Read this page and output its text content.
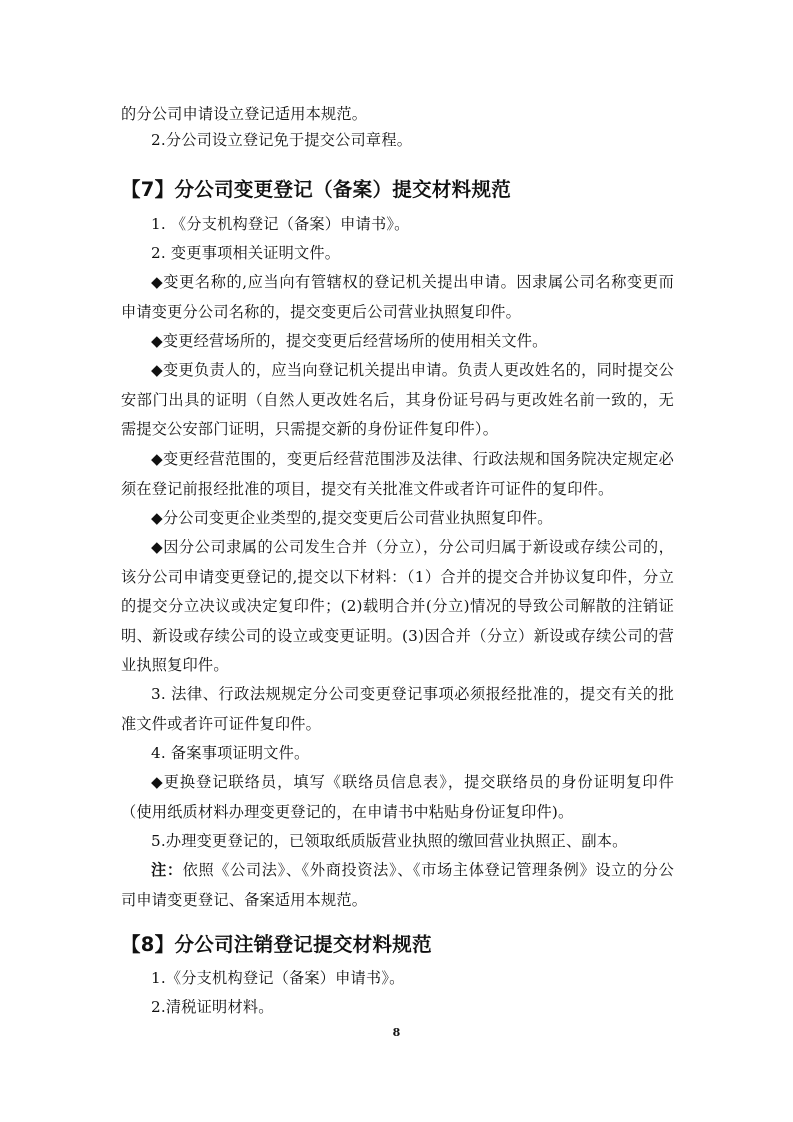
的分公司申请设立登记适用本规范。

2.分公司设立登记免于提交公司章程。

【7】分公司变更登记（备案）提交材料规范

1. 《分支机构登记（备案）申请书》。

2. 变更事项相关证明文件。

◆变更名称的,应当向有管辖权的登记机关提出申请。因隶属公司名称变更而申请变更分公司名称的，提交变更后公司营业执照复印件。

◆变更经营场所的，提交变更后经营场所的使用相关文件。

◆变更负责人的，应当向登记机关提出申请。负责人更改姓名的，同时提交公安部门出具的证明（自然人更改姓名后，其身份证号码与更改姓名前一致的，无需提交公安部门证明，只需提交新的身份证件复印件）。

◆变更经营范围的，变更后经营范围涉及法律、行政法规和国务院决定规定必须在登记前报经批准的项目，提交有关批准文件或者许可证件的复印件。

◆分公司变更企业类型的,提交变更后公司营业执照复印件。

◆因分公司隶属的公司发生合并（分立），分公司归属于新设或存续公司的，该分公司申请变更登记的,提交以下材料：（1）合并的提交合并协议复印件，分立的提交分立决议或决定复印件；(2)载明合并(分立)情况的导致公司解散的注销证明、新设或存续公司的设立或变更证明。(3)因合并（分立）新设或存续公司的营业执照复印件。

3. 法律、行政法规规定分公司变更登记事项必须报经批准的，提交有关的批准文件或者许可证件复印件。

4. 备案事项证明文件。

◆更换登记联络员，填写《联络员信息表》，提交联络员的身份证明复印件（使用纸质材料办理变更登记的，在申请书中粘贴身份证复印件)。

5.办理变更登记的，已领取纸质版营业执照的缴回营业执照正、副本。

注：依照《公司法》、《外商投资法》、《市场主体登记管理条例》设立的分公司申请变更登记、备案适用本规范。

【8】分公司注销登记提交材料规范

1.《分支机构登记（备案）申请书》。

2.清税证明材料。

8
